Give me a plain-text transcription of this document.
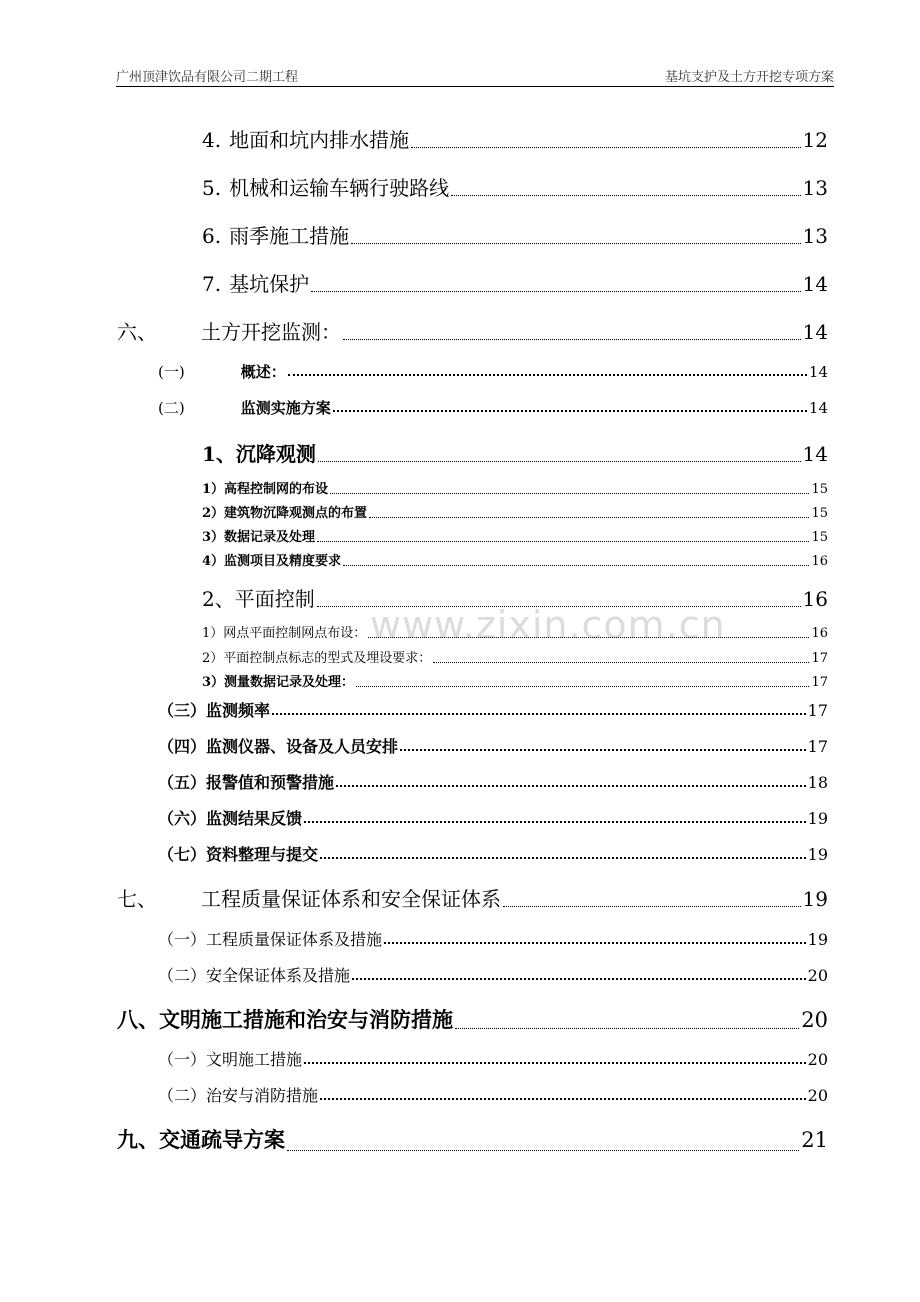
广州顶津饮品有限公司二期工程	基坑支护及土方开挖专项方案
www.zixin.com.cn
4. 地面和坑内排水措施	12
5. 机械和运输车辆行驶路线	13
6. 雨季施工措施	13
7. 基坑保护	14
六、 土方开挖监测：	14
(一)	概述：	14
(二)	监测实施方案	14
1、沉降观测	14
1）高程控制网的布设	15
2）建筑物沉降观测点的布置	15
3）数据记录及处理	15
4）监测项目及精度要求	16
2、平面控制	16
1）网点平面控制网点布设：	16
2）平面控制点标志的型式及埋设要求：	17
3）测量数据记录及处理：	17
（三）监测频率	17
（四）监测仪器、设备及人员安排	17
（五）报警值和预警措施	18
（六）监测结果反馈	19
（七）资料整理与提交	19
七、 工程质量保证体系和安全保证体系	19
（一）工程质量保证体系及措施	19
（二）安全保证体系及措施	20
八、文明施工措施和治安与消防措施	20
（一）文明施工措施	20
（二）治安与消防措施	20
九、交通疏导方案	21
